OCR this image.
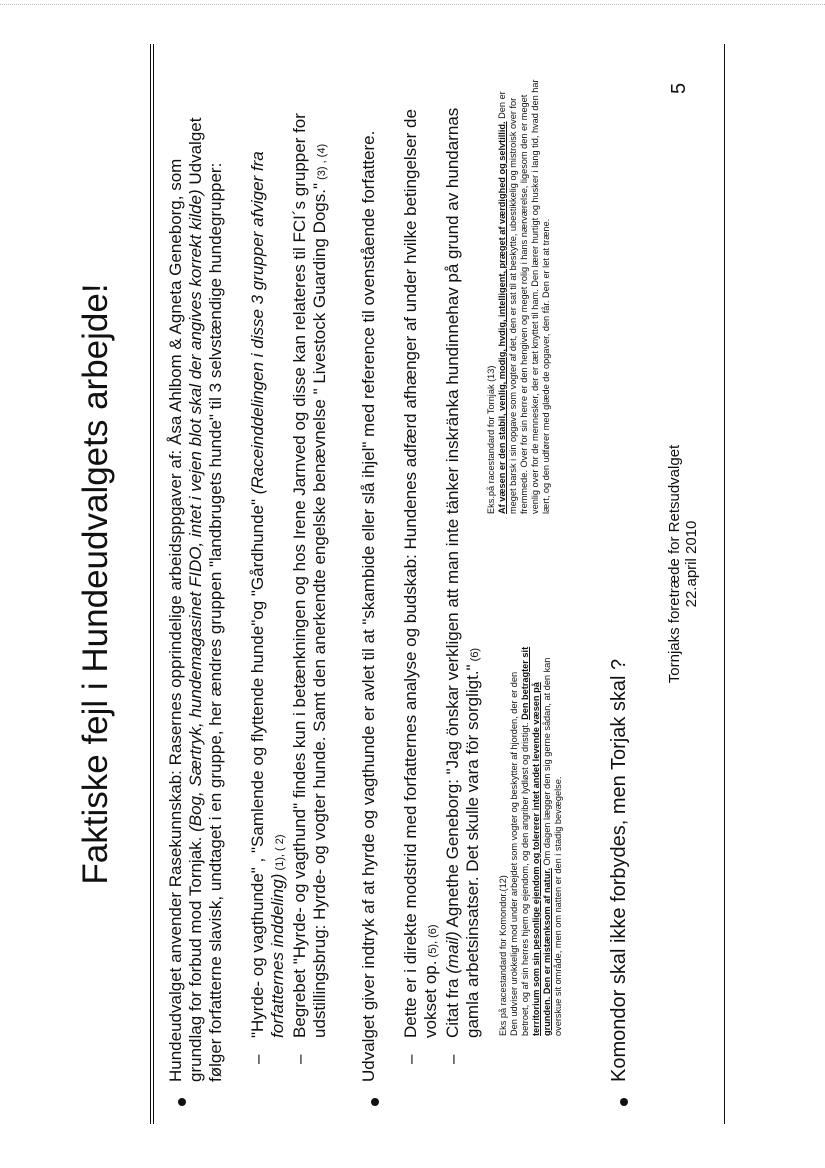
Faktiske fejl i Hundeudvalgets arbejde!	Hundeudvalget anvender Rasekunnskab: Rasernes opprindelige arbeidsppgaver af: Åsa Ahlbom & Agneta Geneborg, som grundlag for forbud mod Tornjak. (Bog, Særtryk, hundemagasinet FIDO, intet i vejen blot skal der angives korrekt kilde) Udvalget følger forfatterne slavisk, undtaget i en gruppe, her ændres gruppen "landbrugets hunde" til 3 selvstændige hundegrupper: –
"Hyrde- og vagthunde" , "Samlende og flyttende hunde"og "Gårdhunde" (Raceinddelingen i disse 3 grupper afviger fra forfatternes inddeling) (1), ( 2)
–
Begrebet "Hyrde- og vagthund" findes kun i betænkningen og hos Irene Jarnved og disse kan relateres til FCI´s grupper for udstillingsbrug: Hyrde- og vogter hunde. Samt den anerkendte engelske benævnelse " Livestock Guarding Dogs." (3) , (4) Udvalget giver indtryk af at hyrde og vagthunde er avlet til at "skambide eller slå ihjel" med reference til ovenstående forfattere. –
Dette er i direkte modstrid med forfatternes analyse og budskab: Hundenes adfærd afhænger af under hvilke betingelser de vokset op. (5), (6)
–
Citat fra (mail) Agnethe Geneborg: "Jag önskar verkligen att man inte tänker inskränka hundinnehav på grund av hundarnas gamla arbetsinsatser. Det skulle vara för sorgligt." (6)
Eks på racestandard for Komondor.(12) Den udviser urokkeligt mod under arbejdet som vogter og beskytter af hjorden, der er den betroet, og af sin herres hjem og ejendom, og den angriber lydløst og dristigt. Den betragter sit territorium som sin pesonlige ejendom og tolererer intet andet levende væsen på grunden. Den er mistænksom af natur. Om dagen lægger den sig gerne sådan, at den kan overskue sit område, men om natten er den i stadig bevægelse.
Eks.på racestandard for Tornjak (13) Af væsen er den stabil, venlig, modig, hvdig, intelligent, præget af værdighed og selvtillid. Den er meget barsk i sin opgave som vogter af det, den er sat til at beskytte, ubestikkelig og mistroisk over for fremmede. Over for sin herre er den hengiven og meget rolig i hans nærværelse, ligesom den er meget venlig over for de mennesker, der er tæt knyttet til ham. Den lærer hurtigt og husker i lang tid, hvad den har lært, og den udfører med glæde de opgaver, den får. Den er let at træne.
Komondor skal ikke forbydes, men Torjak skal ?
Tornjaks foretræde for Retsudvalget 22.april 2010
5
